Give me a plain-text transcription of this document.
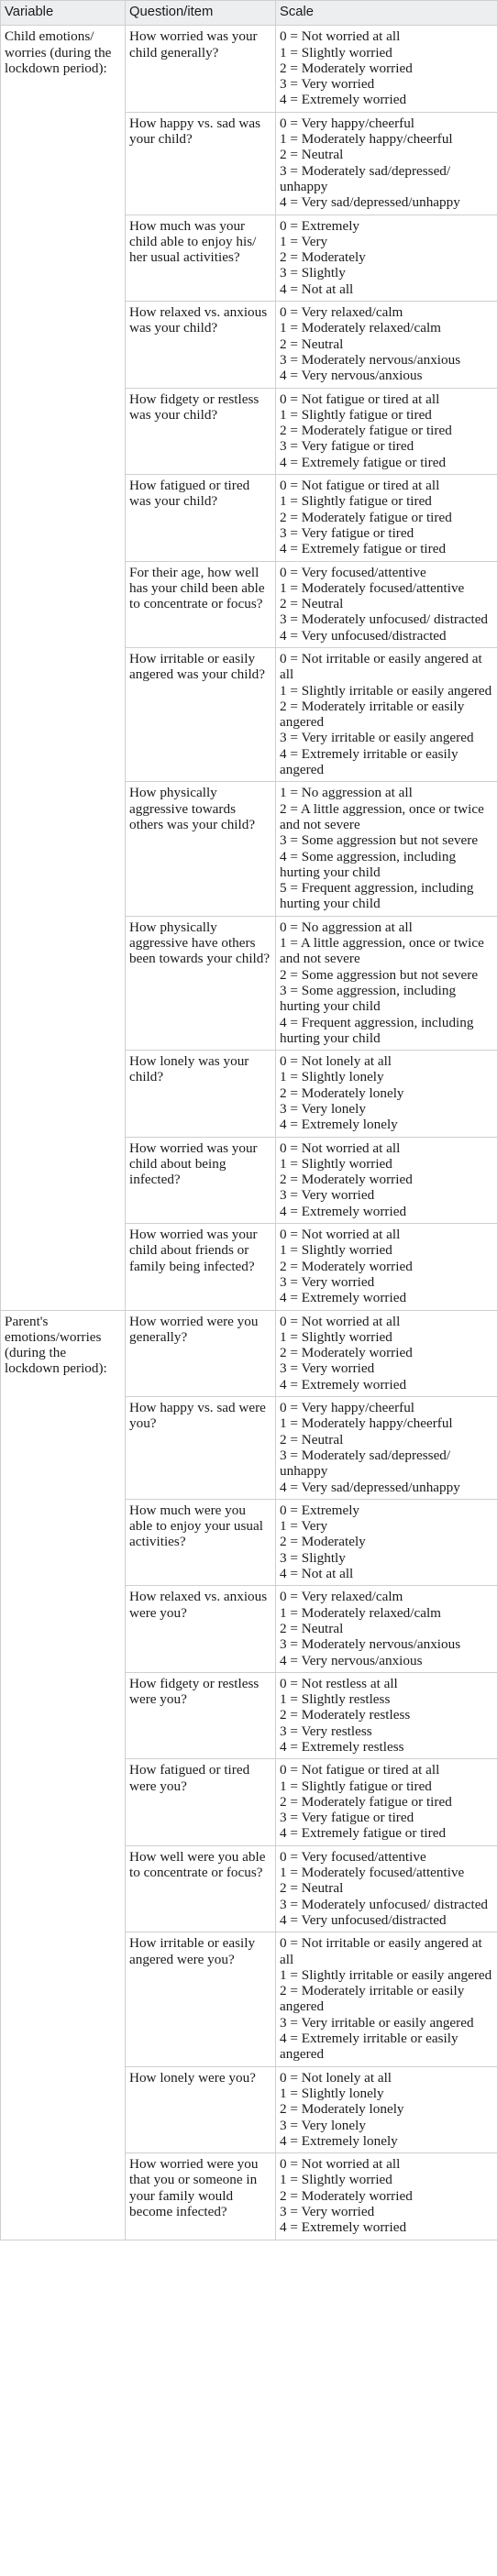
Variable	Question/item	Scale
Child emotions/ worries (during the lockdown period):	How worried was your child generally?	0 = Not worried at all
1 = Slightly worried
2 = Moderately worried
3 = Very worried
4 = Extremely worried

	How happy vs. sad was your child?	0 = Very happy/cheerful
1 = Moderately happy/cheerful
2 = Neutral
3 = Moderately sad/depressed/ unhappy
4 = Very sad/depressed/unhappy

	How much was your child able to enjoy his/ her usual activities?	0 = Extremely
1 = Very
2 = Moderately
3 = Slightly
4 = Not at all

	How relaxed vs. anxious was your child?	0 = Very relaxed/calm
1 = Moderately relaxed/calm
2 = Neutral
3 = Moderately nervous/anxious
4 = Very nervous/anxious

	How fidgety or restless was your child?	0 = Not fatigue or tired at all
1 = Slightly fatigue or tired
2 = Moderately fatigue or tired
3 = Very fatigue or tired
4 = Extremely fatigue or tired

	How fatigued or tired was your child?	0 = Not fatigue or tired at all
1 = Slightly fatigue or tired
2 = Moderately fatigue or tired
3 = Very fatigue or tired
4 = Extremely fatigue or tired

	For their age, how well has your child been able to concentrate or focus?	0 = Very focused/attentive
1 = Moderately focused/attentive
2 = Neutral
3 = Moderately unfocused/ distracted
4 = Very unfocused/distracted

	How irritable or easily angered was your child?	0 = Not irritable or easily angered at all
1 = Slightly irritable or easily angered
2 = Moderately irritable or easily angered
3 = Very irritable or easily angered
4 = Extremely irritable or easily angered

	How physically aggressive towards others was your child?	1 = No aggression at all
2 = A little aggression, once or twice and not severe
3 = Some aggression but not severe
4 = Some aggression, including hurting your child
5 = Frequent aggression, including hurting your child

	How physically aggressive have others been towards your child?	0 = No aggression at all
1 = A little aggression, once or twice and not severe
2 = Some aggression but not severe
3 = Some aggression, including hurting your child
4 = Frequent aggression, including hurting your child

	How lonely was your child?	0 = Not lonely at all
1 = Slightly lonely
2 = Moderately lonely
3 = Very lonely
4 = Extremely lonely

	How worried was your child about being infected?	0 = Not worried at all
1 = Slightly worried
2 = Moderately worried
3 = Very worried
4 = Extremely worried

	How worried was your child about friends or family being infected?	0 = Not worried at all
1 = Slightly worried
2 = Moderately worried
3 = Very worried
4 = Extremely worried

Parent's emotions/worries (during the lockdown period):	How worried were you generally?	0 = Not worried at all
1 = Slightly worried
2 = Moderately worried
3 = Very worried
4 = Extremely worried

	How happy vs. sad were you?	0 = Very happy/cheerful
1 = Moderately happy/cheerful
2 = Neutral
3 = Moderately sad/depressed/ unhappy
4 = Very sad/depressed/unhappy

	How much were you able to enjoy your usual activities?	0 = Extremely
1 = Very
2 = Moderately
3 = Slightly
4 = Not at all

	How relaxed vs. anxious were you?	0 = Very relaxed/calm
1 = Moderately relaxed/calm
2 = Neutral
3 = Moderately nervous/anxious
4 = Very nervous/anxious

	How fidgety or restless were you?	0 = Not restless at all
1 = Slightly restless
2 = Moderately restless
3 = Very restless
4 = Extremely restless

	How fatigued or tired were you?	0 = Not fatigue or tired at all
1 = Slightly fatigue or tired
2 = Moderately fatigue or tired
3 = Very fatigue or tired
4 = Extremely fatigue or tired

	How well were you able to concentrate or focus?	0 = Very focused/attentive
1 = Moderately focused/attentive
2 = Neutral
3 = Moderately unfocused/ distracted
4 = Very unfocused/distracted

	How irritable or easily angered were you?	0 = Not irritable or easily angered at all
1 = Slightly irritable or easily angered
2 = Moderately irritable or easily angered
3 = Very irritable or easily angered
4 = Extremely irritable or easily angered

	How lonely were you?	0 = Not lonely at all
1 = Slightly lonely
2 = Moderately lonely
3 = Very lonely
4 = Extremely lonely

	How worried were you that you or someone in your family would become infected?	0 = Not worried at all
1 = Slightly worried
2 = Moderately worried
3 = Very worried
4 = Extremely worried
